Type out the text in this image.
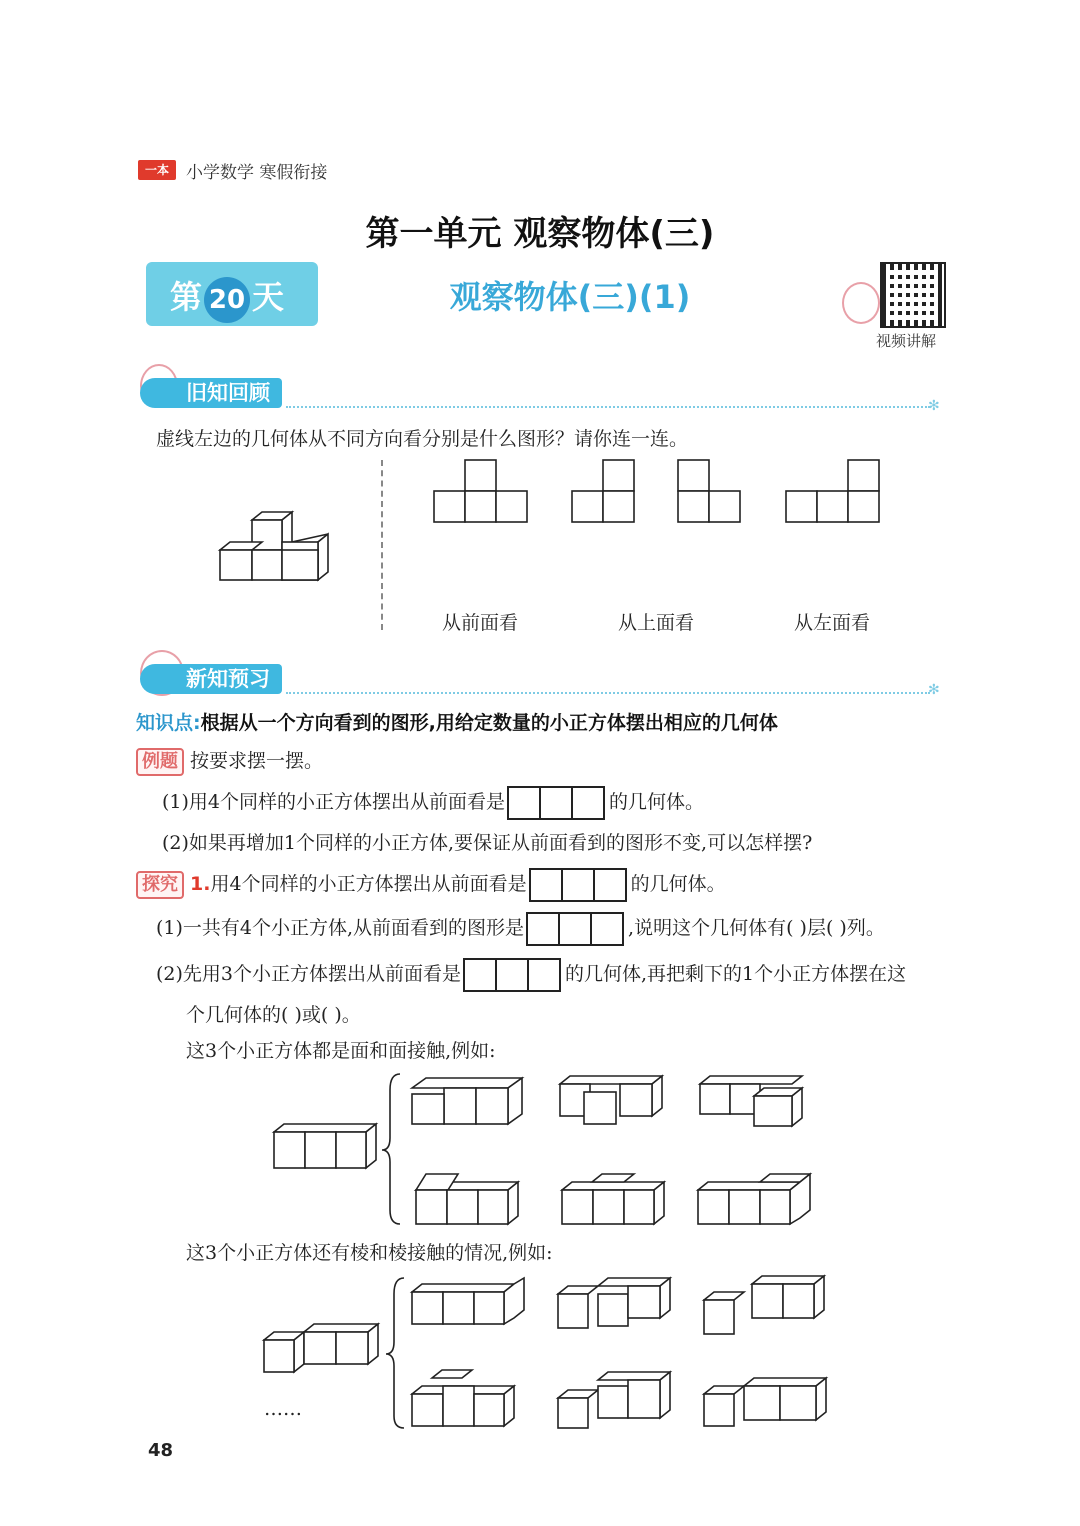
一本	小学数学 寒假衔接
第一单元 观察物体(三)
第 20 天	观察物体(三)(1)
视频讲解
旧知回顾
✻
虚线左边的几何体从不同方向看分别是什么图形？请你连一连。
从前面看	从上面看	从左面看
新知预习	✻
知识点:根据从一个方向看到的图形,用给定数量的小正方体摆出相应的几何体
例题 按要求摆一摆。
(1)用4个同样的小正方体摆出从前面看是	的几何体。
(2)如果再增加1个同样的小正方体,要保证从前面看到的图形不变,可以怎样摆?
探究 1.用4个同样的小正方体摆出从前面看是	的几何体。
(1)一共有4个小正方体,从前面看到的图形是	,说明这个几何体有( )层( )列。
(2)先用3个小正方体摆出从前面看是	的几何体,再把剩下的1个小正方体摆在这
个几何体的( )或( )。
这3个小正方体都是面和面接触,例如:
这3个小正方体还有棱和棱接触的情况,例如:
……
48
